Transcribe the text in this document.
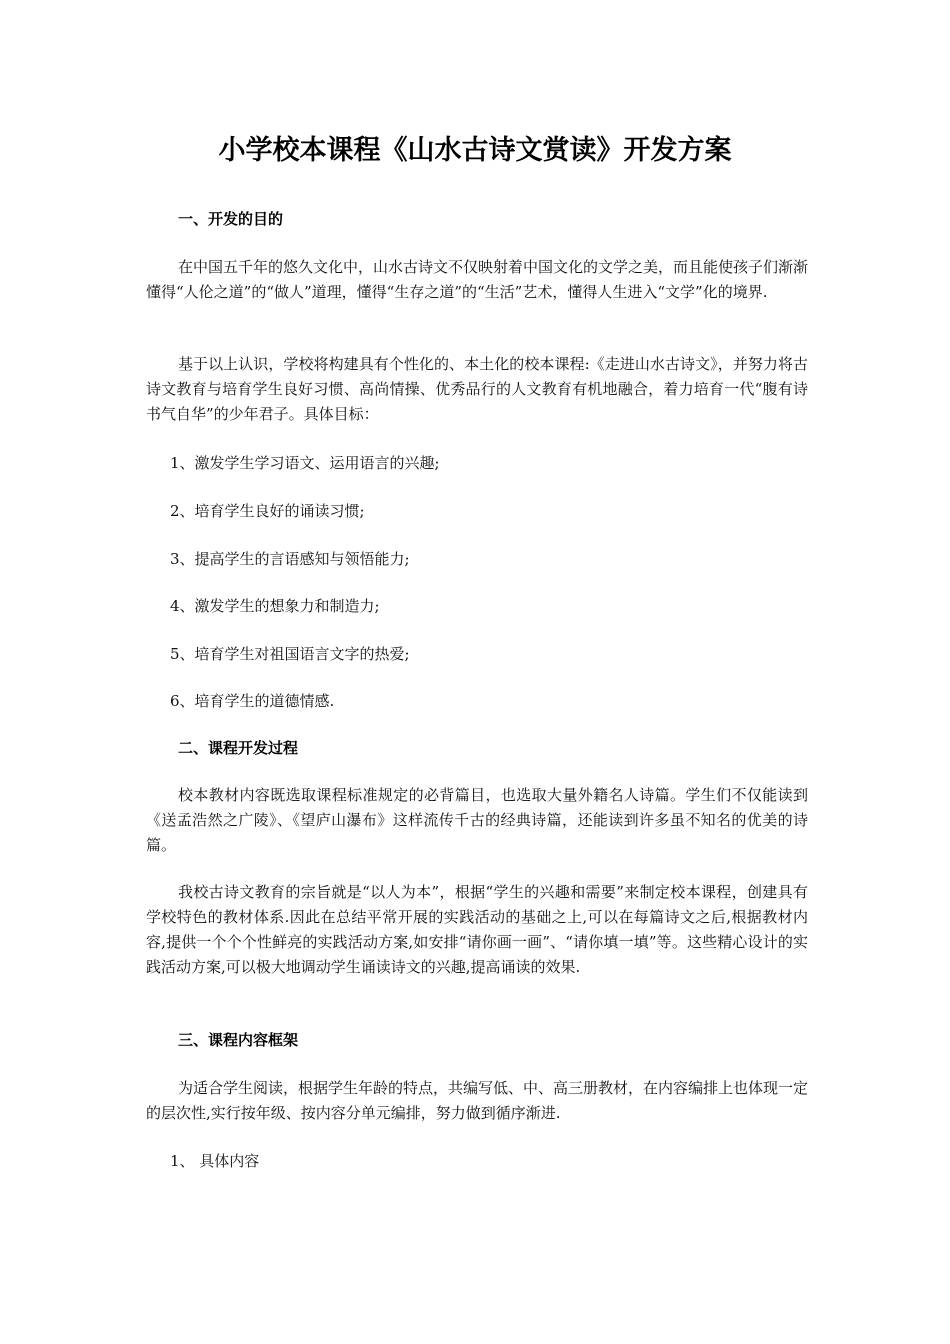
小学校本课程《山水古诗文赏读》开发方案
一、开发的目的

在中国五千年的悠久文化中，山水古诗文不仅映射着中国文化的文学之美，而且能使孩子们渐渐懂得“人伦之道”的“做人”道理，懂得“生存之道”的“生活”艺术，懂得人生进入“文学”化的境界.

基于以上认识，学校将构建具有个性化的、本土化的校本课程:《走进山水古诗文》，并努力将古诗文教育与培育学生良好习惯、高尚情操、优秀品行的人文教育有机地融合，着力培育一代“腹有诗书气自华”的少年君子。具体目标：

1、激发学生学习语文、运用语言的兴趣;

2、培育学生良好的诵读习惯;

3、提高学生的言语感知与领悟能力;

4、激发学生的想象力和制造力;

5、培育学生对祖国语言文字的热爱;

6、培育学生的道德情感.

二、课程开发过程

校本教材内容既选取课程标准规定的必背篇目，也选取大量外籍名人诗篇。学生们不仅能读到《送孟浩然之广陵》、《望庐山瀑布》这样流传千古的经典诗篇，还能读到许多虽不知名的优美的诗篇。

我校古诗文教育的宗旨就是“以人为本”，根据“学生的兴趣和需要”来制定校本课程，创建具有学校特色的教材体系.因此在总结平常开展的实践活动的基础之上,可以在每篇诗文之后,根据教材内容,提供一个个个性鲜亮的实践活动方案,如安排“请你画一画”、“请你填一填”等。这些精心设计的实践活动方案,可以极大地调动学生诵读诗文的兴趣,提高诵读的效果.

三、课程内容框架

为适合学生阅读，根据学生年龄的特点，共编写低、中、高三册教材，在内容编排上也体现一定的层次性,实行按年级、按内容分单元编排，努力做到循序渐进.

1、 具体内容
